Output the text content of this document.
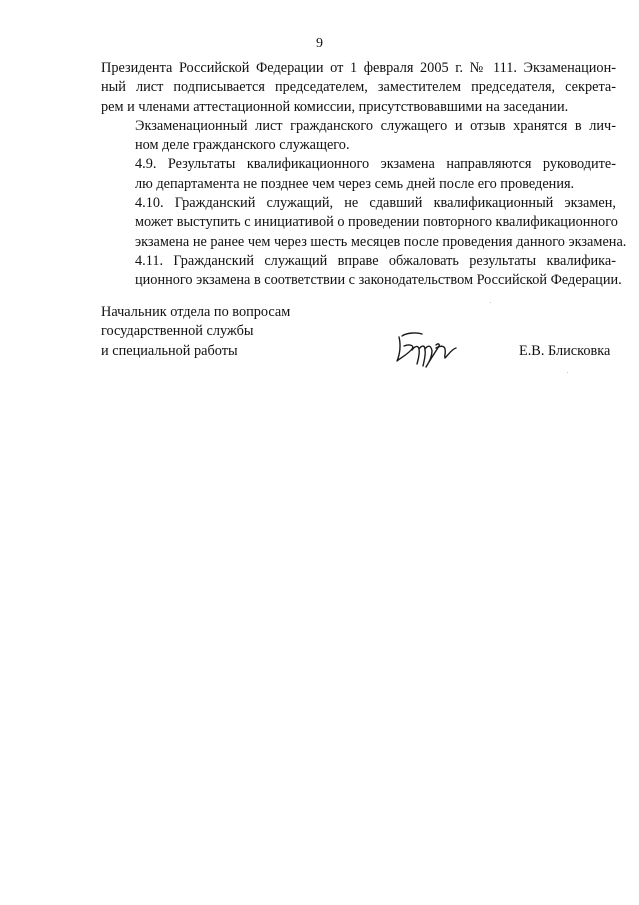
9

Президента Российской Федерации от 1 февраля 2005 г. № 111. Экзаменацион-
ный лист подписывается председателем, заместителем председателя, секрета-
рем и членами аттестационной комиссии, присутствовавшими на заседании.

Экзаменационный лист гражданского служащего и отзыв хранятся в лич-
ном деле гражданского служащего.

4.9. Результаты квалификационного экзамена направляются руководите-
лю департамента не позднее чем через семь дней после его проведения.

4.10. Гражданский служащий, не сдавший квалификационный экзамен,
может выступить с инициативой о проведении повторного квалификационного
экзамена не ранее чем через шесть месяцев после проведения данного экзамена.

4.11. Гражданский служащий вправе обжаловать результаты квалифика-
ционного экзамена в соответствии с законодательством Российской Федерации.

Начальник отдела по вопросам
государственной службы
и специальной работы	Е.В. Блисковка
